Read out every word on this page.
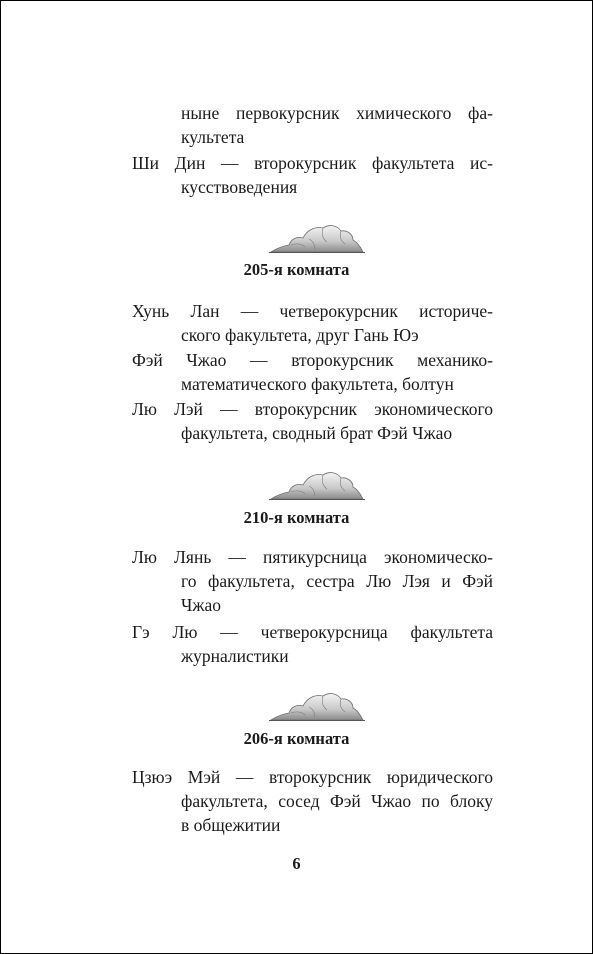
ныне первокурсник химического фа-
культета
Ши Дин — второкурсник факультета ис-
кусствоведения
205-я комната
Хунь Лан — четверокурсник историче-
ского факультета, друг Гань Юэ
Фэй Чжао — второкурсник механико-
математического факультета, болтун
Лю Лэй — второкурсник экономического
факультета, сводный брат Фэй Чжао
210-я комната
Лю Лянь — пятикурсница экономическо-
го факультета, сестра Лю Лэя и Фэй
Чжао
Гэ Лю — четверокурсница факультета
журналистики
206-я комната
Цзюэ Мэй — второкурсник юридического
факультета, сосед Фэй Чжао по блоку
в общежитии
6
